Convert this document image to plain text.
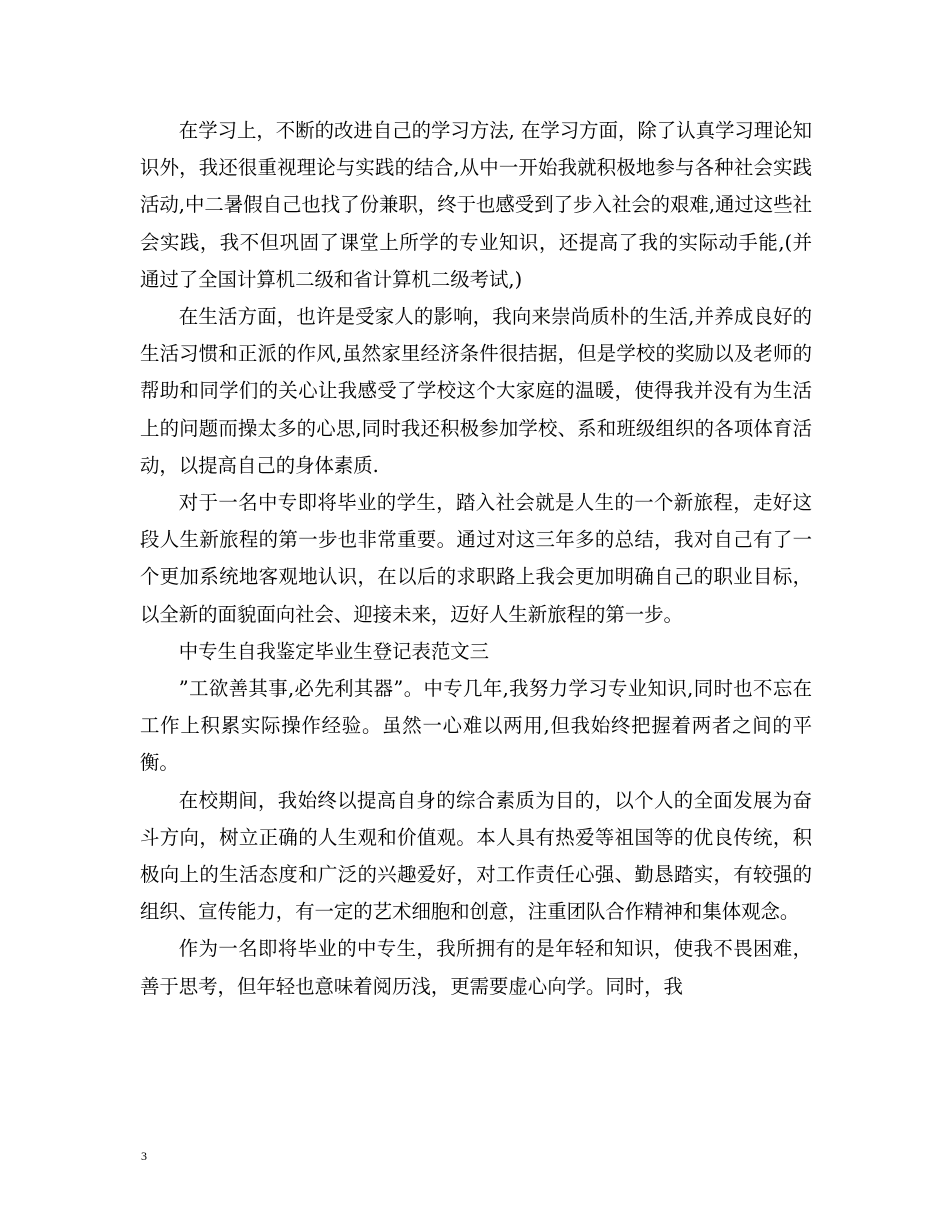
在学习上，不断的改进自己的学习方法, 在学习方面，除了认真学习理论知识外，我还很重视理论与实践的结合,从中一开始我就积极地参与各种社会实践活动,中二暑假自己也找了份兼职，终于也感受到了步入社会的艰难,通过这些社会实践，我不但巩固了课堂上所学的专业知识，还提高了我的实际动手能,(并通过了全国计算机二级和省计算机二级考试,)

在生活方面，也许是受家人的影响，我向来崇尚质朴的生活,并养成良好的生活习惯和正派的作风,虽然家里经济条件很拮据，但是学校的奖励以及老师的帮助和同学们的关心让我感受了学校这个大家庭的温暖，使得我并没有为生活上的问题而操太多的心思,同时我还积极参加学校、系和班级组织的各项体育活动，以提高自己的身体素质.

对于一名中专即将毕业的学生，踏入社会就是人生的一个新旅程，走好这段人生新旅程的第一步也非常重要。通过对这三年多的总结，我对自己有了一个更加系统地客观地认识，在以后的求职路上我会更加明确自己的职业目标，以全新的面貌面向社会、迎接未来，迈好人生新旅程的第一步。

中专生自我鉴定毕业生登记表范文三

”工欲善其事,必先利其器”。中专几年,我努力学习专业知识,同时也不忘在工作上积累实际操作经验。虽然一心难以两用,但我始终把握着两者之间的平衡。

在校期间，我始终以提高自身的综合素质为目的，以个人的全面发展为奋斗方向，树立正确的人生观和价值观。本人具有热爱等祖国等的优良传统，积极向上的生活态度和广泛的兴趣爱好，对工作责任心强、勤恳踏实，有较强的组织、宣传能力，有一定的艺术细胞和创意，注重团队合作精神和集体观念。

作为一名即将毕业的中专生，我所拥有的是年轻和知识，使我不畏困难，善于思考，但年轻也意味着阅历浅，更需要虚心向学。同时，我

3
